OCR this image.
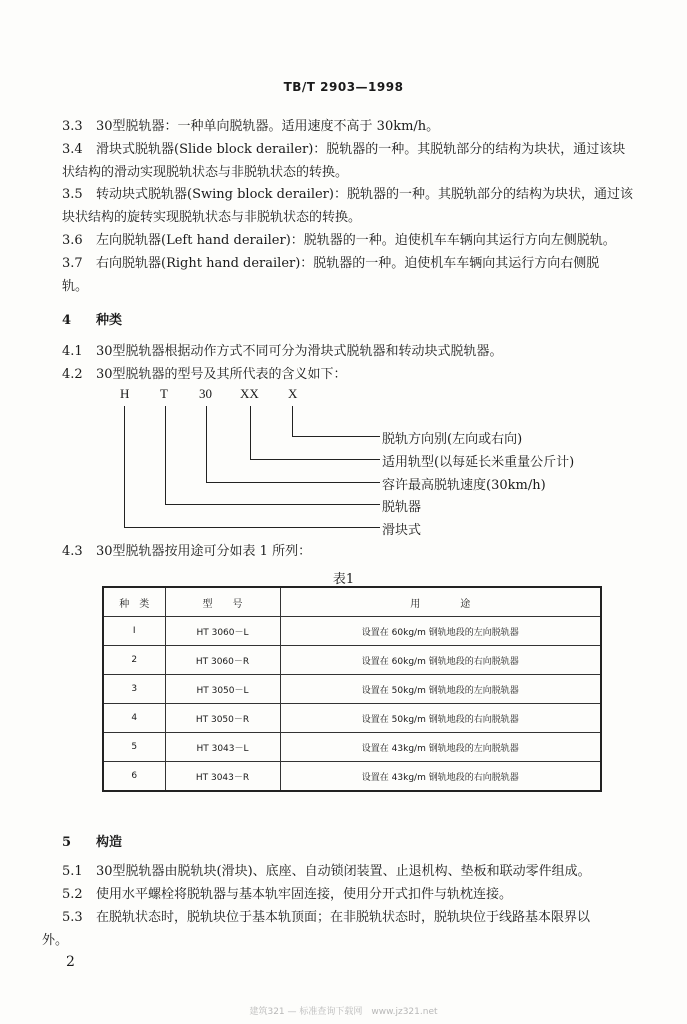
TB/T 2903—1998
3.3 30型脱轨器：一种单向脱轨器。适用速度不高于 30km/h。
3.4 滑块式脱轨器(Slide block derailer)：脱轨器的一种。其脱轨部分的结构为块状，通过该块
状结构的滑动实现脱轨状态与非脱轨状态的转换。
3.5 转动块式脱轨器(Swing block derailer)：脱轨器的一种。其脱轨部分的结构为块状，通过该
块状结构的旋转实现脱轨状态与非脱轨状态的转换。
3.6 左向脱轨器(Left hand derailer)：脱轨器的一种。迫使机车车辆向其运行方向左侧脱轨。
3.7 右向脱轨器(Right hand derailer)：脱轨器的一种。迫使机车车辆向其运行方向右侧脱
轨。
4 种类
4.1 30型脱轨器根据动作方式不同可分为滑块式脱轨器和转动块式脱轨器。
4.2 30型脱轨器的型号及其所代表的含义如下：
H T 30 XX X
脱轨方向别(左向或右向)
适用轨型(以每延长米重量公斤计)
容许最高脱轨速度(30km/h)
脱轨器
滑块式
4.3 30型脱轨器按用途可分如表 1 所列：
表1
种　类	型　　号	用　　　　途
I	HT 3060－L	设置在 60kg/m 钢轨地段的左向脱轨器
2	HT 3060－R	设置在 60kg/m 钢轨地段的右向脱轨器
3	HT 3050－L	设置在 50kg/m 钢轨地段的左向脱轨器
4	HT 3050－R	设置在 50kg/m 钢轨地段的右向脱轨器
5	HT 3043－L	设置在 43kg/m 钢轨地段的左向脱轨器
6	HT 3043－R	设置在 43kg/m 钢轨地段的右向脱轨器
5 构造
5.1 30型脱轨器由脱轨块(滑块)、底座、自动锁闭装置、止退机构、垫板和联动零件组成。
5.2 使用水平螺栓将脱轨器与基本轨牢固连接，使用分开式扣件与轨枕连接。
5.3 在脱轨状态时，脱轨块位于基本轨顶面；在非脱轨状态时，脱轨块位于线路基本限界以
外。
2
建筑321 — 标准查询下载网　www.jz321.net
